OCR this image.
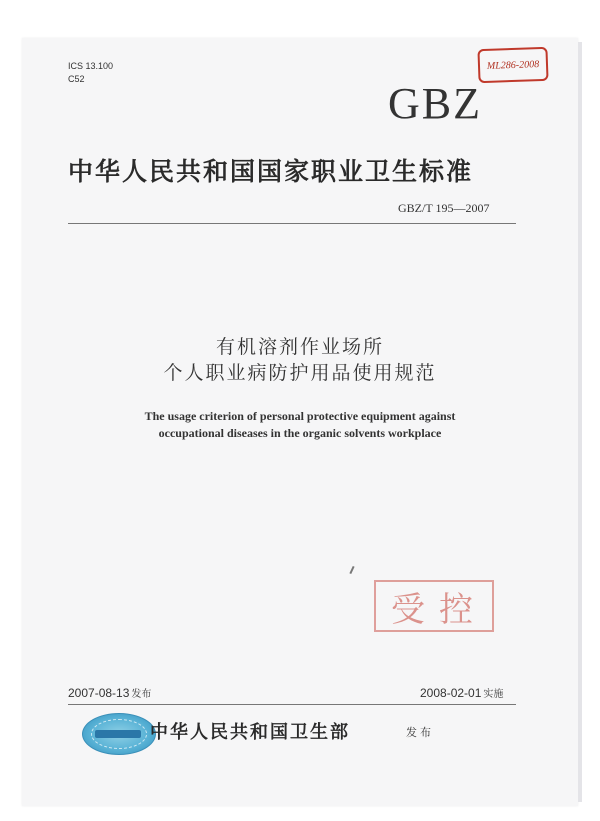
ICS 13.100
C52
ML286-2008
GBZ
中华人民共和国国家职业卫生标准
GBZ/T 195—2007
有机溶剂作业场所
个人职业病防护用品使用规范
The usage criterion of personal protective equipment against
occupational diseases in the organic solvents workplace
受控
2007-08-13 发布	2008-02-01 实施
中华人民共和国卫生部	发布
